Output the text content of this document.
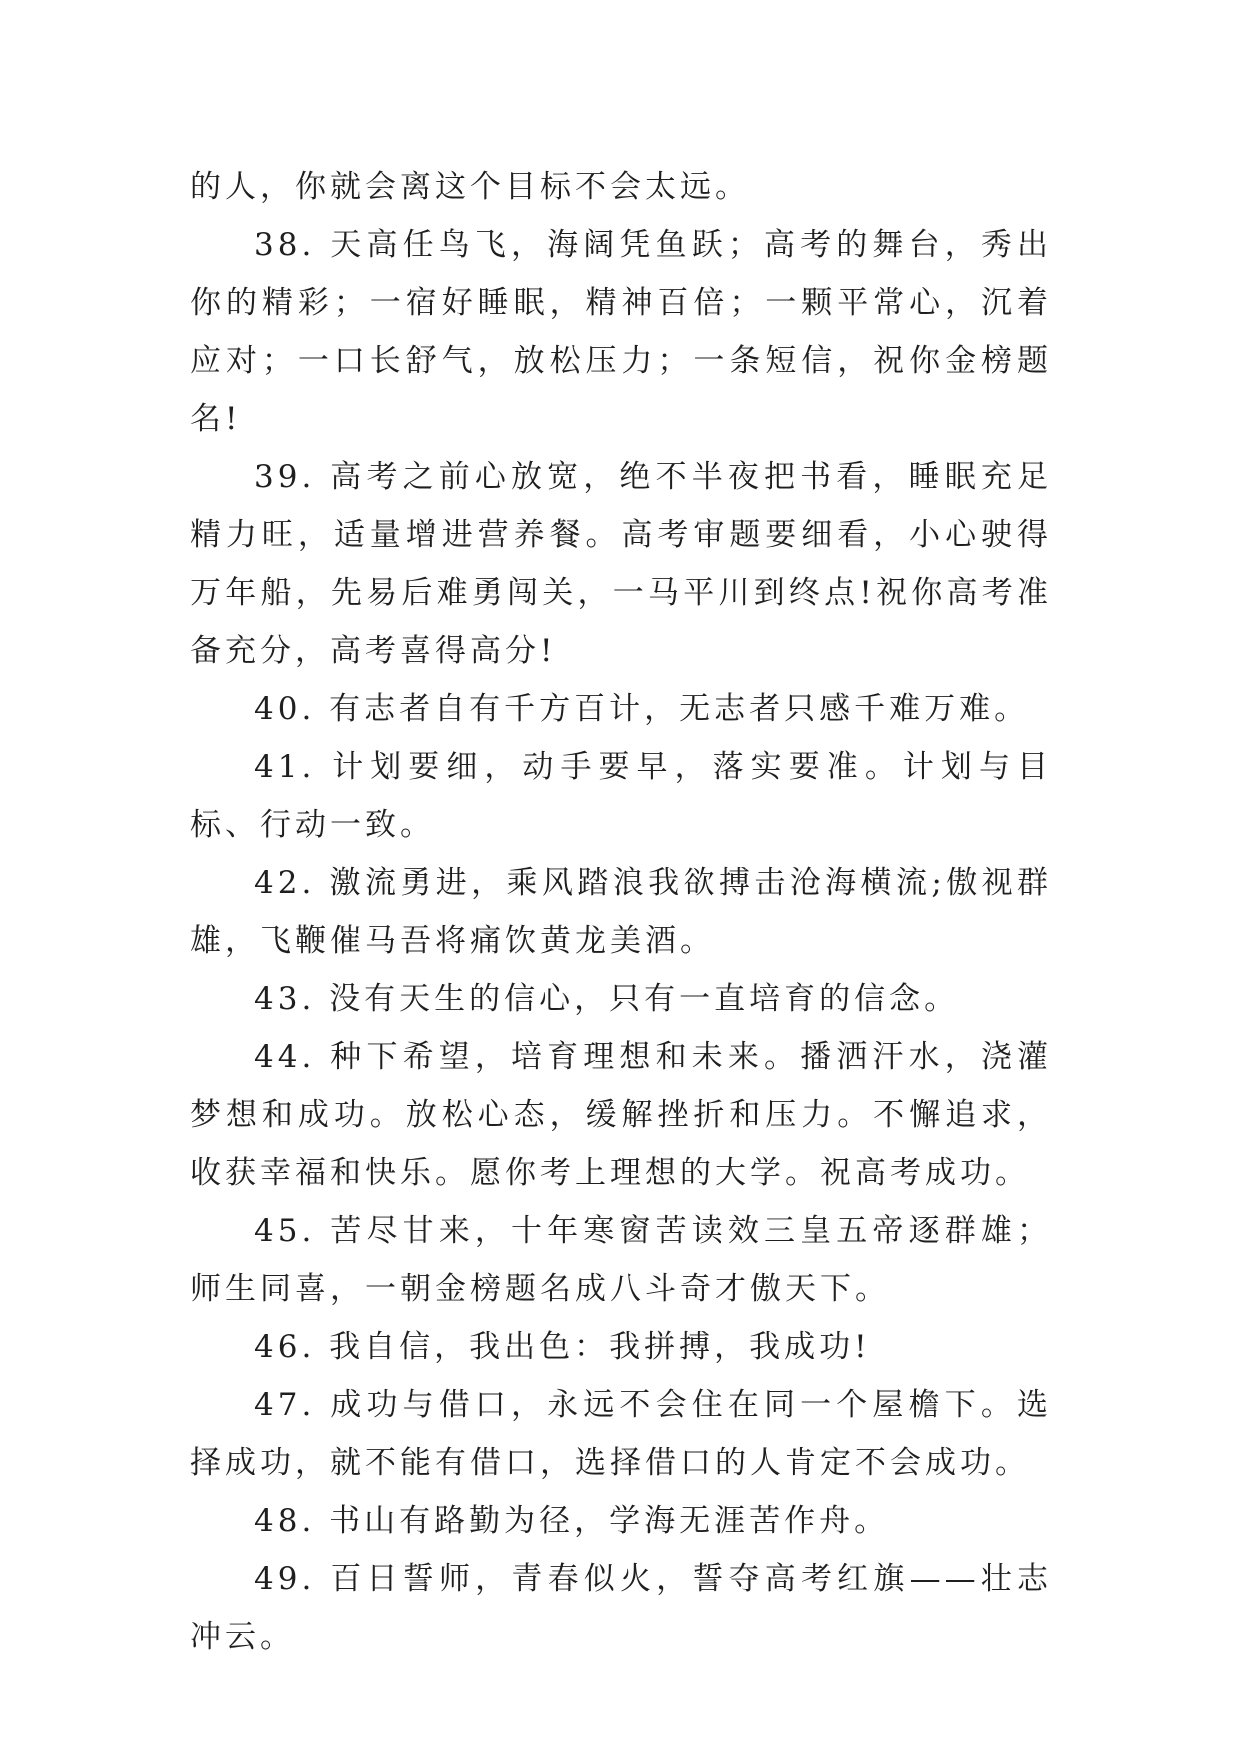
的人，你就会离这个目标不会太远。

38. 天高任鸟飞，海阔凭鱼跃；高考的舞台，秀出你的精彩；一宿好睡眠，精神百倍；一颗平常心，沉着应对；一口长舒气，放松压力；一条短信，祝你金榜题名!

39. 高考之前心放宽，绝不半夜把书看，睡眠充足精力旺，适量增进营养餐。高考审题要细看，小心驶得万年船，先易后难勇闯关，一马平川到终点!祝你高考准备充分，高考喜得高分!

40. 有志者自有千方百计，无志者只感千难万难。

41. 计划要细，动手要早，落实要准。计划与目标、行动一致。

42. 激流勇进，乘风踏浪我欲搏击沧海横流;傲视群雄，飞鞭催马吾将痛饮黄龙美酒。

43. 没有天生的信心，只有一直培育的信念。

44. 种下希望，培育理想和未来。播洒汗水，浇灌梦想和成功。放松心态，缓解挫折和压力。不懈追求，收获幸福和快乐。愿你考上理想的大学。祝高考成功。

45. 苦尽甘来，十年寒窗苦读效三皇五帝逐群雄；师生同喜，一朝金榜题名成八斗奇才傲天下。

46. 我自信，我出色：我拼搏，我成功!

47. 成功与借口，永远不会住在同一个屋檐下。选择成功，就不能有借口，选择借口的人肯定不会成功。

48. 书山有路勤为径，学海无涯苦作舟。

49. 百日誓师，青春似火，誓夺高考红旗——壮志冲云。
